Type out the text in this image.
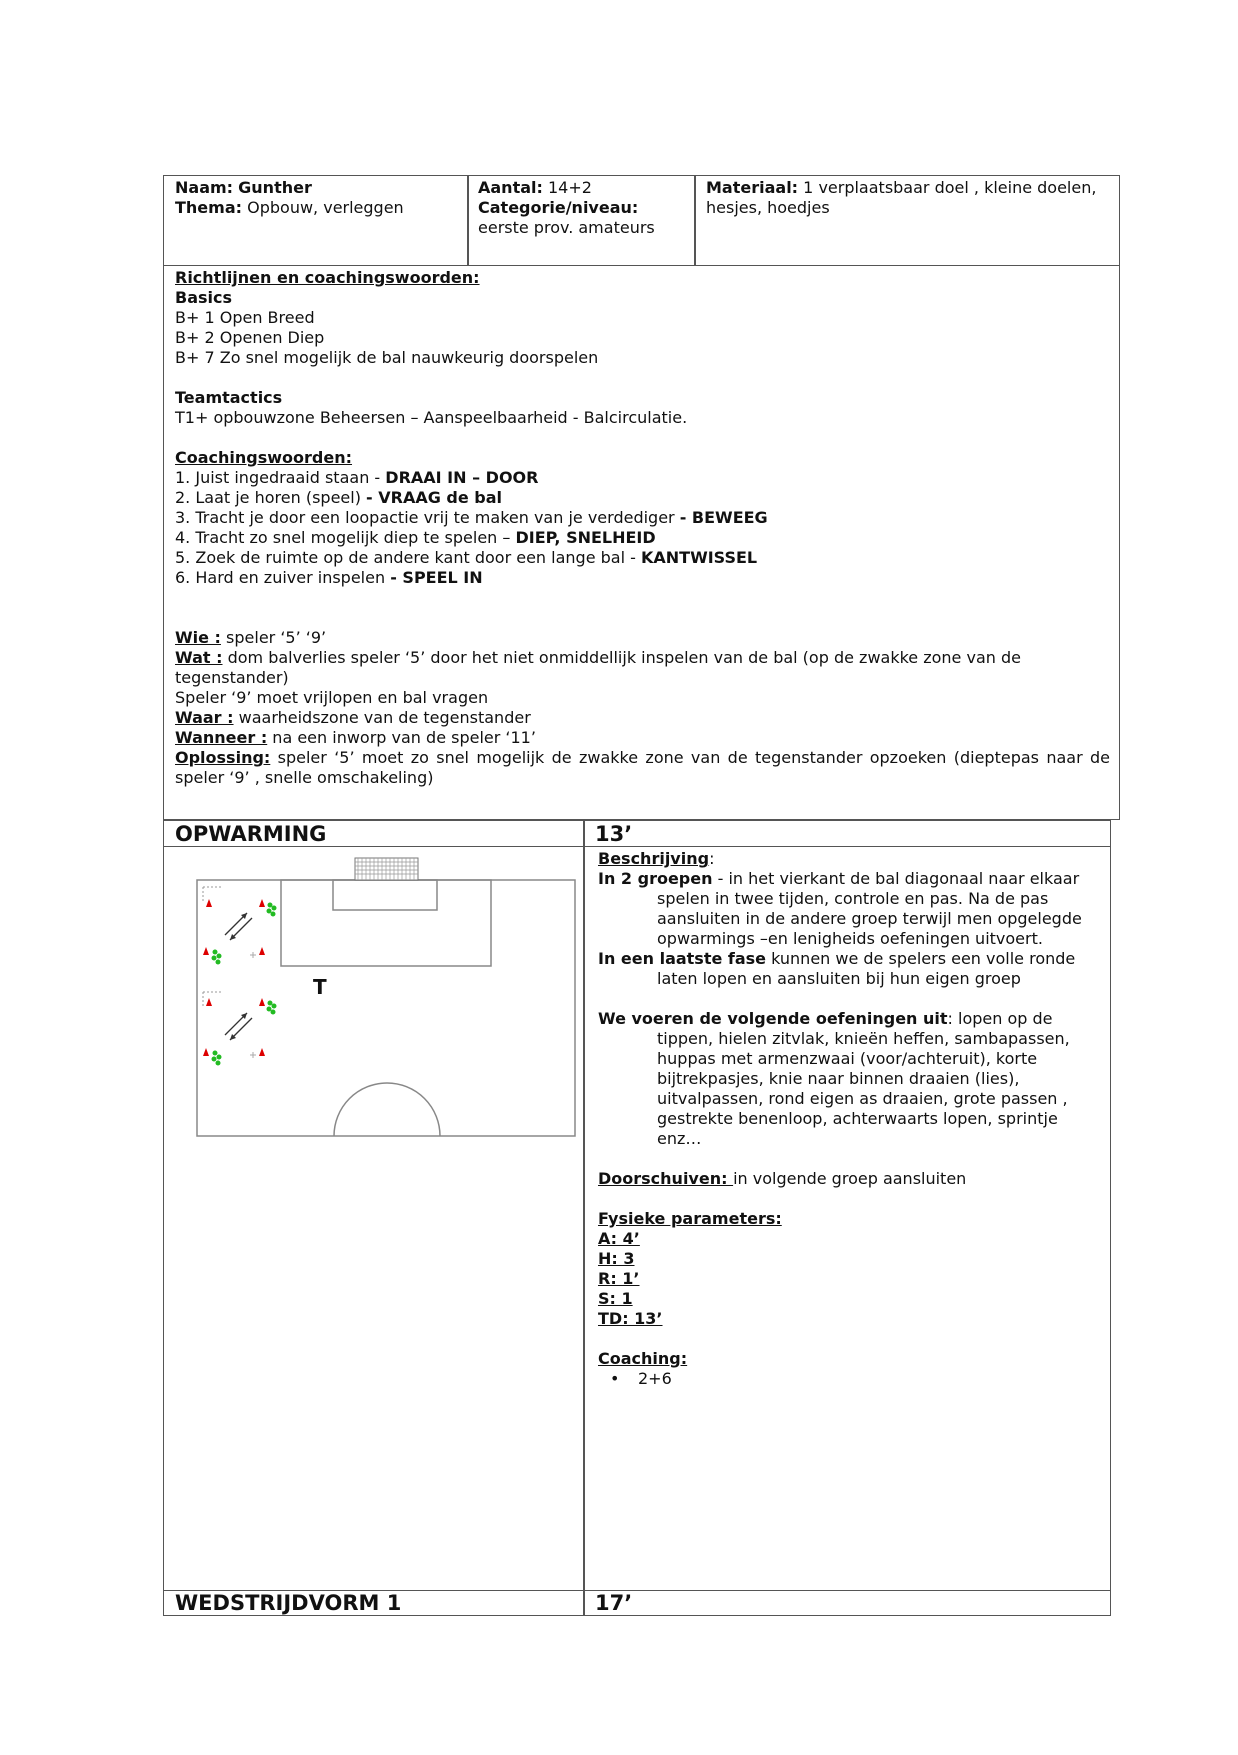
Naam: Gunther

Thema: Opbouw, verleggen

Aantal: 14+2

Categorie/niveau:

eerste prov. amateurs

Materiaal: 1 verplaatsbaar doel , kleine doelen, hesjes, hoedjes

Richtlijnen en coachingswoorden:

Basics

B+ 1 Open Breed

B+ 2 Openen Diep

B+ 7 Zo snel mogelijk de bal nauwkeurig doorspelen

Teamtactics

T1+ opbouwzone Beheersen – Aanspeelbaarheid - Balcirculatie.

Coachingswoorden:

1. Juist ingedraaid staan - DRAAI IN – DOOR

2. Laat je horen (speel) - VRAAG de bal

3. Tracht je door een loopactie vrij te maken van je verdediger - BEWEEG

4. Tracht zo snel mogelijk diep te spelen – DIEP, SNELHEID

5. Zoek de ruimte op de andere kant door een lange bal - KANTWISSEL

6. Hard en zuiver inspelen - SPEEL IN

Wie : speler ‘5’ ‘9’

Wat : dom balverlies speler ‘5’ door het niet onmiddellijk inspelen van de bal (op de zwakke zone van de tegenstander)

Speler ‘9’ moet vrijlopen en bal vragen

Waar : waarheidszone van de tegenstander

Wanneer : na een inworp van de speler ‘11’

Oplossing: speler ‘5’ moet zo snel mogelijk de zwakke zone van de tegenstander opzoeken (dieptepas naar de speler ‘9’ , snelle omschakeling)

OPWARMING	13’
T

Beschrijving:

In 2 groepen - in het vierkant de bal diagonaal naar elkaar spelen in twee tijden, controle en pas. Na de pas aansluiten in de andere groep terwijl men opgelegde opwarmings –en lenigheids oefeningen uitvoert.

In een laatste fase kunnen we de spelers een volle ronde laten lopen en aansluiten bij hun eigen groep

We voeren de volgende oefeningen uit: lopen op de tippen, hielen zitvlak, knieën heffen, sambapassen, huppas met armenzwaai (voor/achteruit), korte bijtrekpasjes, knie naar binnen draaien (lies), uitvalpassen, rond eigen as draaien, grote passen , gestrekte benenloop, achterwaarts lopen, sprintje enz…

Doorschuiven: in volgende groep aansluiten

Fysieke parameters:

A: 4’

H: 3

R: 1’

S: 1

TD: 13’

Coaching:

• 2+6

WEDSTRIJDVORM 1	17’
